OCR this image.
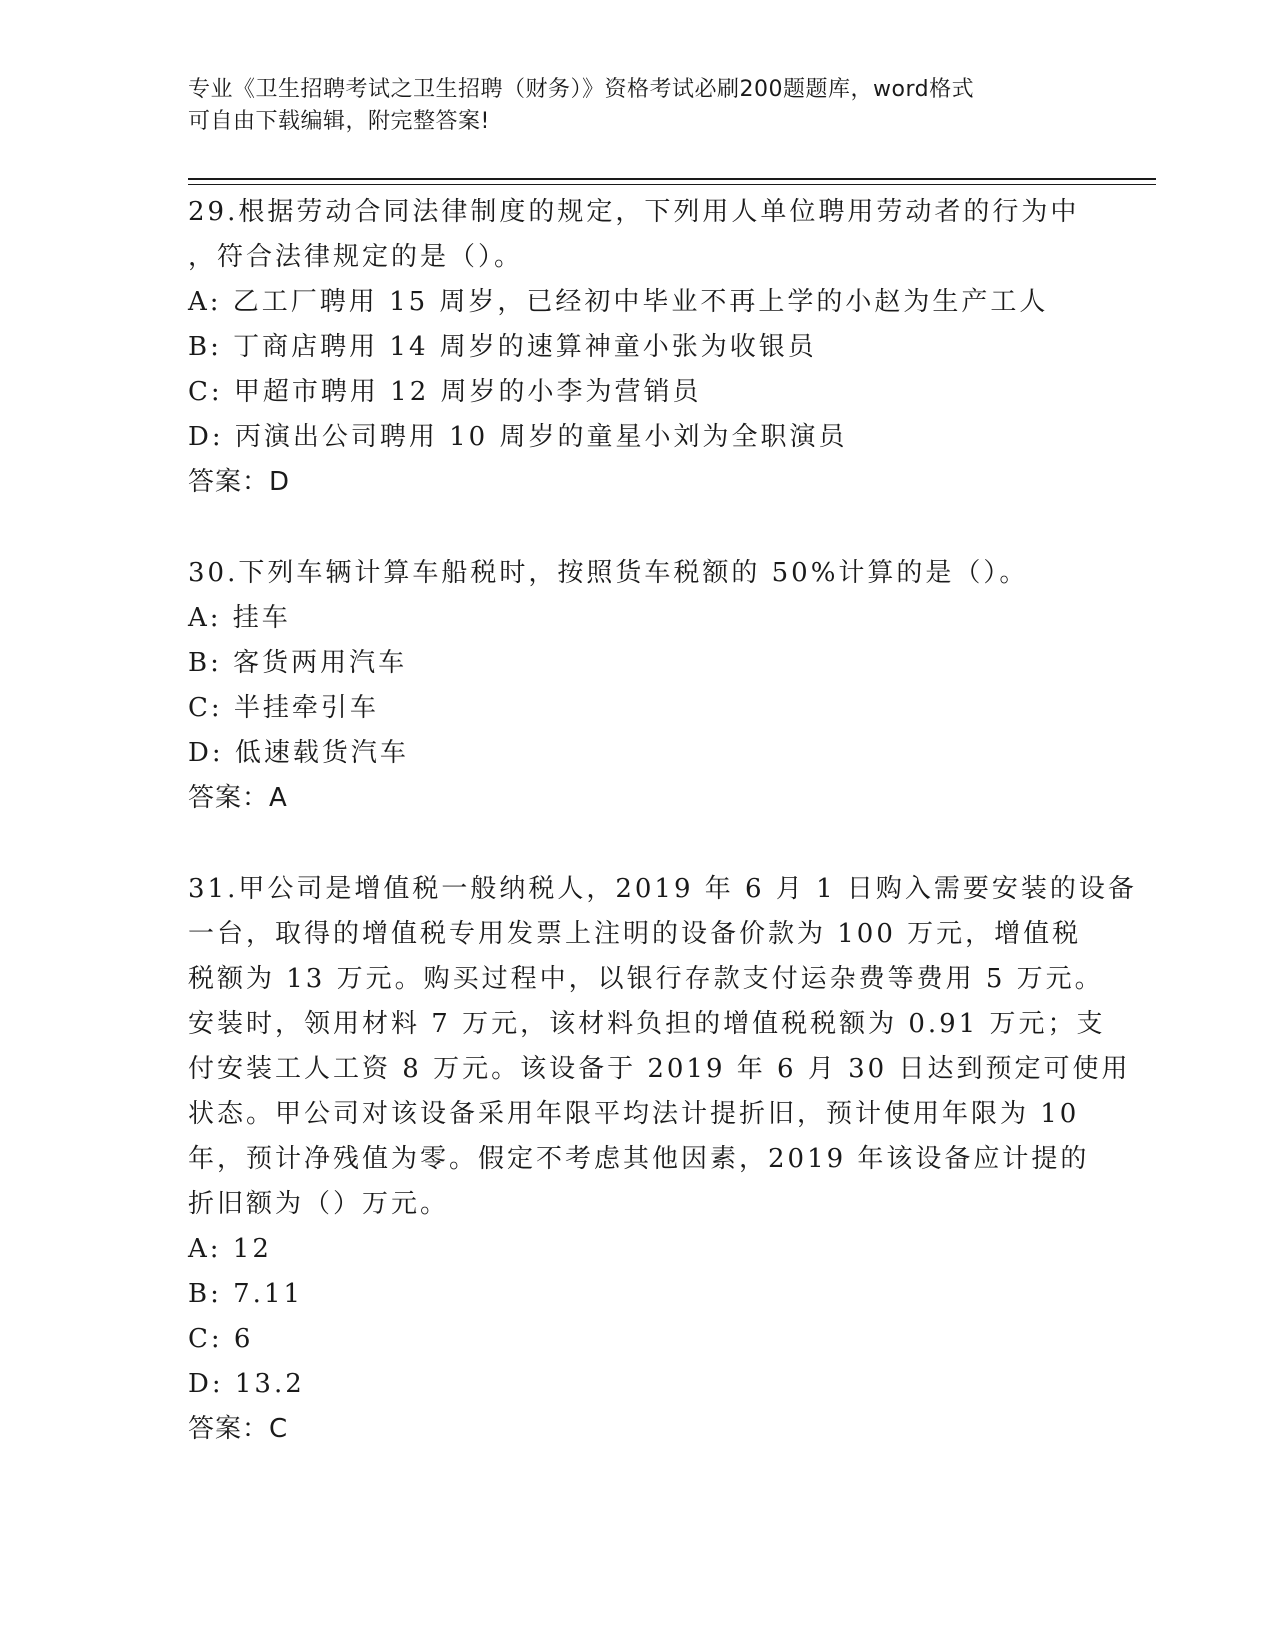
专业《卫生招聘考试之卫生招聘（财务）》资格考试必刷200题题库，word格式
可自由下载编辑，附完整答案!
29.根据劳动合同法律制度的规定，下列用人单位聘用劳动者的行为中
，符合法律规定的是（）。
A: 乙工厂聘用 15 周岁，已经初中毕业不再上学的小赵为生产工人
B: 丁商店聘用 14 周岁的速算神童小张为收银员
C: 甲超市聘用 12 周岁的小李为营销员
D: 丙演出公司聘用 10 周岁的童星小刘为全职演员
答案：D
30.下列车辆计算车船税时，按照货车税额的 50%计算的是（）。
A: 挂车
B: 客货两用汽车
C: 半挂牵引车
D: 低速载货汽车
答案：A
31.甲公司是增值税一般纳税人，2019 年 6 月 1 日购入需要安装的设备
一台，取得的增值税专用发票上注明的设备价款为 100 万元，增值税
税额为 13 万元。购买过程中，以银行存款支付运杂费等费用 5 万元。
安装时，领用材料 7 万元，该材料负担的增值税税额为 0.91 万元；支
付安装工人工资 8 万元。该设备于 2019 年 6 月 30 日达到预定可使用
状态。甲公司对该设备采用年限平均法计提折旧，预计使用年限为 10
年，预计净残值为零。假定不考虑其他因素，2019 年该设备应计提的
折旧额为（）万元。
A: 12
B: 7.11
C: 6
D: 13.2
答案：C
